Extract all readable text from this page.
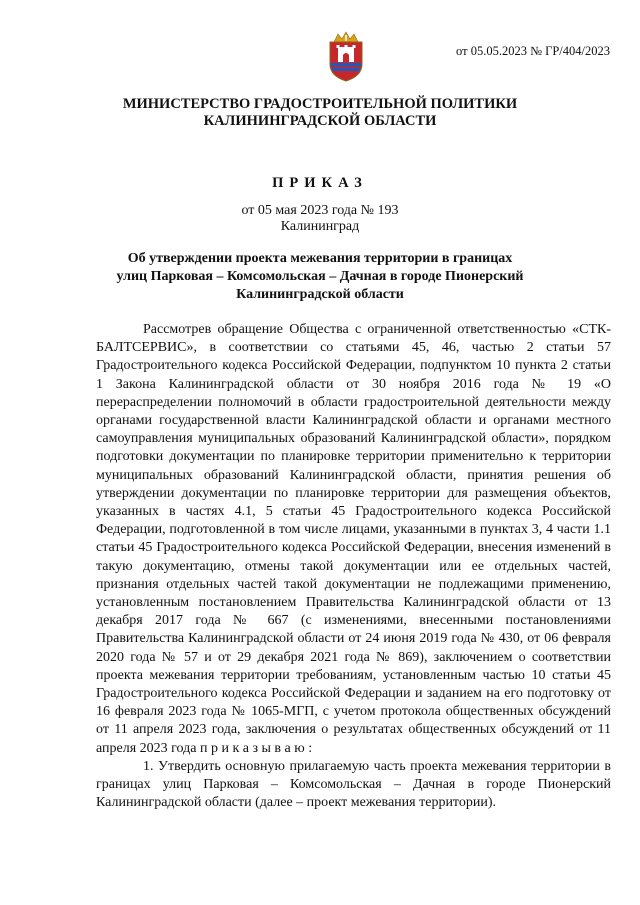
от 05.05.2023 № ГР/404/2023
МИНИСТЕРСТВО ГРАДОСТРОИТЕЛЬНОЙ ПОЛИТИКИ
КАЛИНИНГРАДСКОЙ ОБЛАСТИ
ПРИКАЗ
от 05 мая 2023 года № 193
Калининград
Об утверждении проекта межевания территории в границах
улиц Парковая – Комсомольская – Дачная в городе Пионерский
Калининградской области

Рассмотрев обращение Общества с ограниченной ответственностью «СТК-БАЛТСЕРВИС», в соответствии со статьями 45, 46, частью 2 статьи 57 Градостроительного кодекса Российской Федерации, подпунктом 10 пункта 2 статьи 1 Закона Калининградской области от 30 ноября 2016 года № 19 «О перераспределении полномочий в области градостроительной деятельности между органами государственной власти Калининградской области и органами местного самоуправления муниципальных образований Калининградской области», порядком подготовки документации по планировке территории применительно к территории муниципальных образований Калининградской области, принятия решения об утверждении документации по планировке территории для размещения объектов, указанных в частях 4.1, 5 статьи 45 Градостроительного кодекса Российской Федерации, подготовленной в том числе лицами, указанными в пунктах 3, 4 части 1.1 статьи 45 Градостроительного кодекса Российской Федерации, внесения изменений в такую документацию, отмены такой документации или ее отдельных частей, признания отдельных частей такой документации не подлежащими применению, установленным постановлением Правительства Калининградской области от 13 декабря 2017 года № 667 (с изменениями, внесенными постановлениями Правительства Калининградской области от 24 июня 2019 года № 430, от 06 февраля 2020 года № 57 и от 29 декабря 2021 года № 869), заключением о соответствии проекта межевания территории требованиям, установленным частью 10 статьи 45 Градостроительного кодекса Российской Федерации и заданием на его подготовку от 16 февраля 2023 года № 1065-МГП, с учетом протокола общественных обсуждений от 11 апреля 2023 года, заключения о результатах общественных обсуждений от 11 апреля 2023 года п р и к а з ы в а ю :

1. Утвердить основную прилагаемую часть проекта межевания территории в границах улиц Парковая – Комсомольская – Дачная в городе Пионерский Калининградской области (далее – проект межевания территории).
